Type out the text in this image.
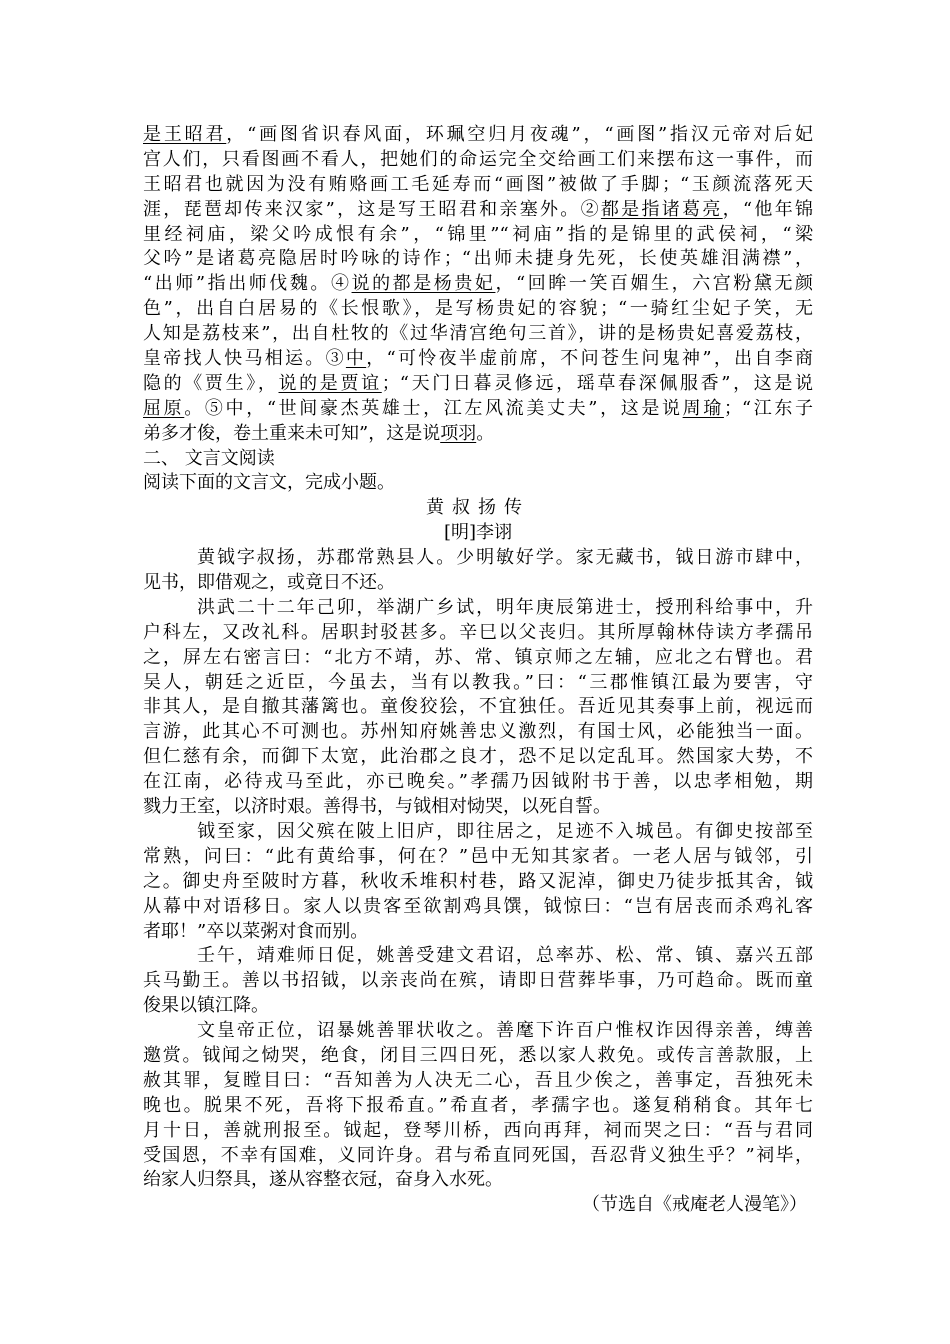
是王昭君，“画图省识春风面，环珮空归月夜魂”，“画图”指汉元帝对后妃
宫人们，只看图画不看人，把她们的命运完全交给画工们来摆布这一事件，而
王昭君也就因为没有贿赂画工毛延寿而“画图”被做了手脚；“玉颜流落死天
涯，琵琶却传来汉家”，这是写王昭君和亲塞外。②都是指诸葛亮，“他年锦
里经祠庙，梁父吟成恨有余”，“锦里”“祠庙”指的是锦里的武侯祠，“梁
父吟”是诸葛亮隐居时吟咏的诗作；“出师未捷身先死，长使英雄泪满襟”，
“出师”指出师伐魏。④说的都是杨贵妃，“回眸一笑百媚生，六宫粉黛无颜
色”，出自白居易的《长恨歌》，是写杨贵妃的容貌；“一骑红尘妃子笑，无
人知是荔枝来”，出自杜牧的《过华清宫绝句三首》，讲的是杨贵妃喜爱荔枝，
皇帝找人快马相运。③中，“可怜夜半虚前席，不问苍生问鬼神”，出自李商
隐的《贾生》，说的是贾谊；“天门日暮灵修远，瑶草春深佩服香”，这是说
屈原。⑤中，“世间豪杰英雄士，江左风流美丈夫”，这是说周瑜；“江东子
弟多才俊，卷土重来未可知”，这是说项羽。
二、 文言文阅读
阅读下面的文言文，完成小题。
黄叔扬传
[明]李诩
黄钺字叔扬，苏郡常熟县人。少明敏好学。家无藏书，钺日游市肆中，
见书，即借观之，或竟日不还。
洪武二十二年己卯，举湖广乡试，明年庚辰第进士，授刑科给事中，升
户科左，又改礼科。居职封驳甚多。辛巳以父丧归。其所厚翰林侍读方孝孺吊
之，屏左右密言曰：“北方不靖，苏、常、镇京师之左辅，应北之右臂也。君
吴人，朝廷之近臣，今虽去，当有以教我。”曰：“三郡惟镇江最为要害，守
非其人，是自撤其藩篱也。童俊狡狯，不宜独任。吾近见其奏事上前，视远而
言游，此其心不可测也。苏州知府姚善忠义激烈，有国士风，必能独当一面。
但仁慈有余，而御下太宽，此治郡之良才，恐不足以定乱耳。然国家大势，不
在江南，必待戎马至此，亦已晚矣。”孝孺乃因钺附书于善，以忠孝相勉，期
戮力王室，以济时艰。善得书，与钺相对恸哭，以死自誓。
钺至家，因父殡在陂上旧庐，即往居之，足迹不入城邑。有御史按部至
常熟，问曰：“此有黄给事，何在？”邑中无知其家者。一老人居与钺邻，引
之。御史舟至陂时方暮，秋收禾堆积村巷，路又泥淖，御史乃徒步抵其舍，钺
从幕中对语移日。家人以贵客至欲割鸡具馔，钺惊曰：“岂有居丧而杀鸡礼客
者耶！”卒以菜粥对食而别。
壬午，靖难师日促，姚善受建文君诏，总率苏、松、常、镇、嘉兴五部
兵马勤王。善以书招钺，以亲丧尚在殡，请即日营葬毕事，乃可趋命。既而童
俊果以镇江降。
文皇帝正位，诏暴姚善罪状收之。善麾下许百户惟权诈因得亲善，缚善
邀赏。钺闻之恸哭，绝食，闭目三四日死，悉以家人救免。或传言善款服，上
赦其罪，复瞠目曰：“吾知善为人决无二心，吾且少俟之，善事定，吾独死未
晚也。脱果不死，吾将下报希直。”希直者，孝孺字也。遂复稍稍食。其年七
月十日，善就刑报至。钺起，登琴川桥，西向再拜，祠而哭之曰：“吾与君同
受国恩，不幸有国难，义同许身。君与希直同死国，吾忍背义独生乎？”祠毕，
绐家人归祭具，遂从容整衣冠，奋身入水死。
（节选自《戒庵老人漫笔》）
